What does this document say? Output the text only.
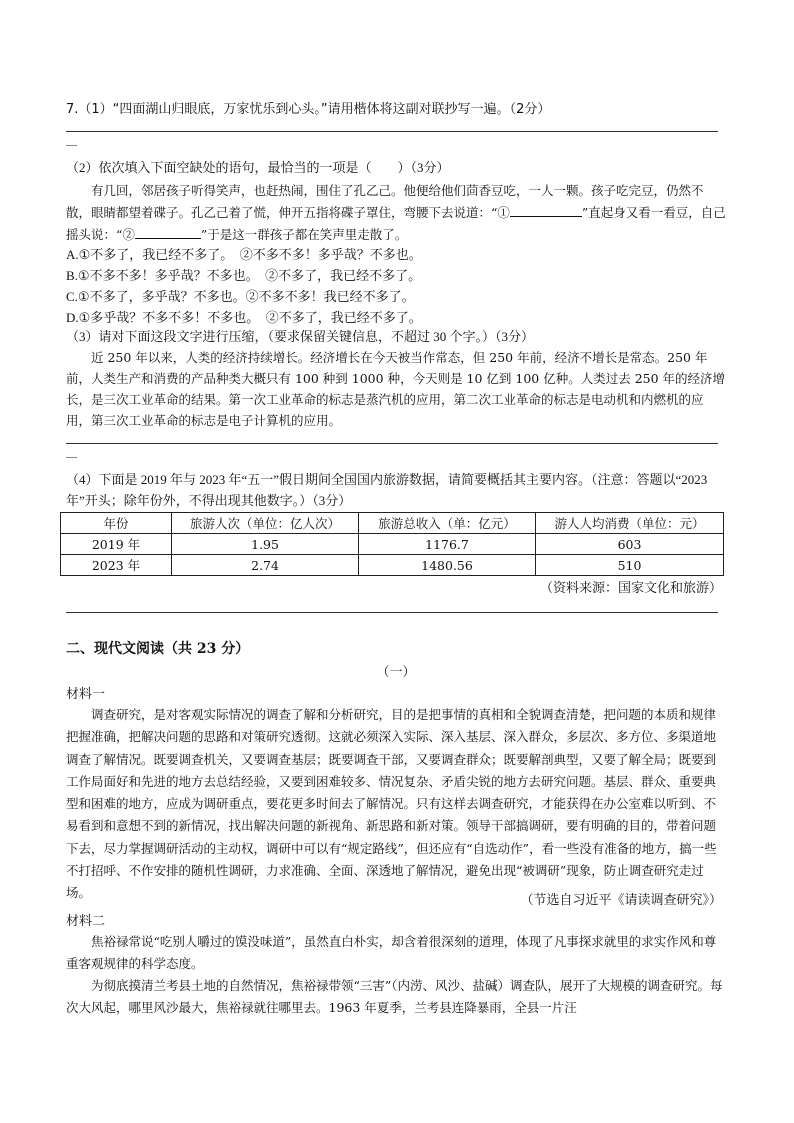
7.（1）“四面湖山归眼底，万家忧乐到心头。”请用楷体将这副对联抄写一遍。（2分）

—

（2）依次填入下面空缺处的语句，最恰当的一项是（　　）（3分）

有几回，邻居孩子听得笑声，也赶热闹，围住了孔乙己。他便给他们茴香豆吃，一人一颗。孩子吃完豆，仍然不散，眼睛都望着碟子。孔乙己着了慌，伸开五指将碟子罩住，弯腰下去说道：“①	”直起身又看一看豆，自己摇头说：“②	”于是这一群孩子都在笑声里走散了。

A.①不多了，我已经不多了。　②不多不多！多乎哉？不多也。

B.①不多不多！多乎哉？不多也。　②不多了，我已经不多了。

C.①不多了，多乎哉？不多也。②不多不多！我已经不多了。

D.①多乎哉？不多不多！不多也。　②不多了，我已经不多了。

（3）请对下面这段文字进行压缩，（要求保留关键信息，不超过 30 个字。）（3分）

近 250 年以来，人类的经济持续增长。经济增长在今天被当作常态，但 250 年前，经济不增长是常态。250 年前，人类生产和消费的产品种类大概只有 100 种到 1000 种，今天则是 10 亿到 100 亿种。人类过去 250 年的经济增长，是三次工业革命的结果。第一次工业革命的标志是蒸汽机的应用，第二次工业革命的标志是电动机和内燃机的应用，第三次工业革命的标志是电子计算机的应用。

—

（4）下面是 2019 年与 2023 年“五一”假日期间全国国内旅游数据，请简要概括其主要内容。（注意：答题以“2023 年”开头；除年份外，不得出现其他数字。）（3分）

年份	旅游人次（单位：亿人次）	旅游总收入（单：亿元）	游人人均消费（单位：元）
2019 年	1.95	1176.7	603
2023 年	2.74	1480.56	510

（资料来源：国家文化和旅游）

二、现代文阅读（共 23 分）

（一）

材料一

调查研究，是对客观实际情况的调查了解和分析研究，目的是把事情的真相和全貌调查清楚，把问题的本质和规律把握准确，把解决问题的思路和对策研究透彻。这就必须深入实际、深入基层、深入群众，多层次、多方位、多渠道地调查了解情况。既要调查机关，又要调查基层；既要调查干部，又要调查群众；既要解剖典型，又要了解全局；既要到工作局面好和先进的地方去总结经验，又要到困难较多、情况复杂、矛盾尖锐的地方去研究问题。基层、群众、重要典型和困难的地方，应成为调研重点，要花更多时间去了解情况。只有这样去调查研究，才能获得在办公室难以听到、不易看到和意想不到的新情况，找出解决问题的新视角、新思路和新对策。领导干部搞调研，要有明确的目的，带着问题下去，尽力掌握调研活动的主动权，调研中可以有“规定路线”，但还应有“自选动作”，看一些没有准备的地方，搞一些不打招呼、不作安排的随机性调研，力求准确、全面、深透地了解情况，避免出现“被调研”现象，防止调查研究走过场。	（节选自习近平《请读调查研究》）

材料二

焦裕禄常说“吃别人嚼过的馍没味道”，虽然直白朴实，却含着很深刻的道理，体现了凡事探求就里的求实作风和尊重客观规律的科学态度。

为彻底摸清兰考县土地的自然情况，焦裕禄带领“三害”（内涝、风沙、盐碱）调查队，展开了大规模的调查研究。每次大风起，哪里风沙最大，焦裕禄就往哪里去。1963 年夏季，兰考县连降暴雨，全县一片汪
